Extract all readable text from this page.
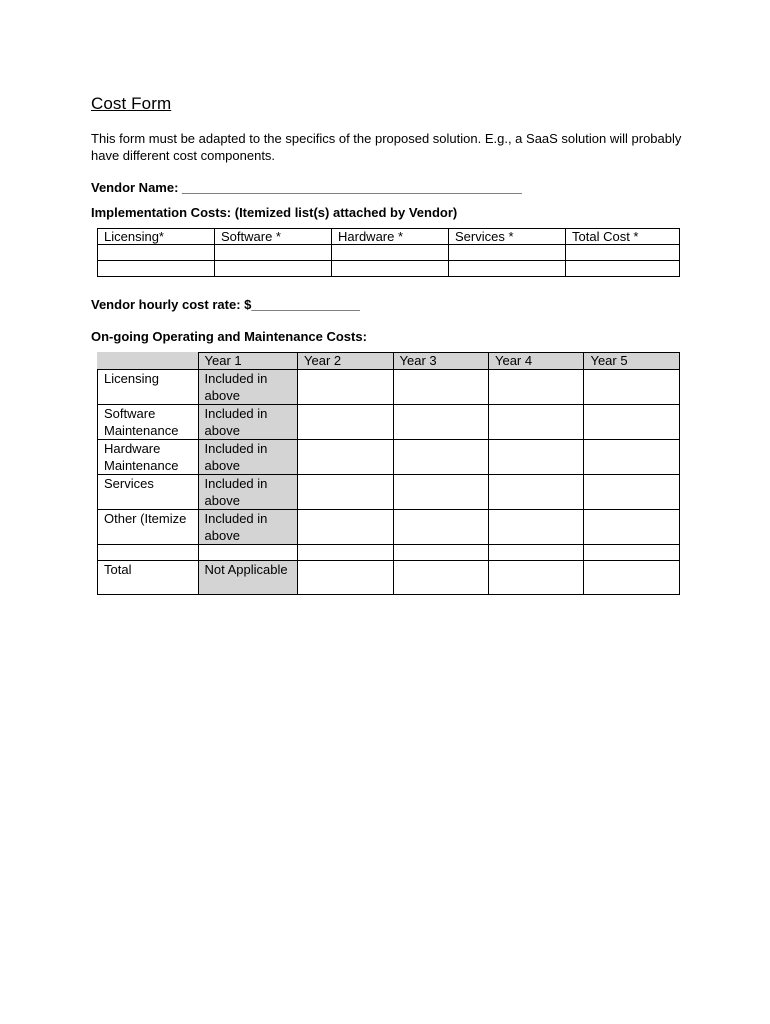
Cost Form
This form must be adapted to the specifics of the proposed solution. E.g., a SaaS solution will probably have different cost components.
Vendor Name: _______________________________________________
Implementation Costs: (Itemized list(s) attached by Vendor)
Licensing*	Software *	Hardware *	Services *	Total Cost *

Vendor hourly cost rate: $_______________
On-going Operating and Maintenance Costs:
	Year 1	Year 2	Year 3	Year 4	Year 5
Licensing	Included in above				
Software Maintenance	Included in above				
Hardware Maintenance	Included in above				
Services	Included in above				
Other (Itemize	Included in above				

Total	Not Applicable				
